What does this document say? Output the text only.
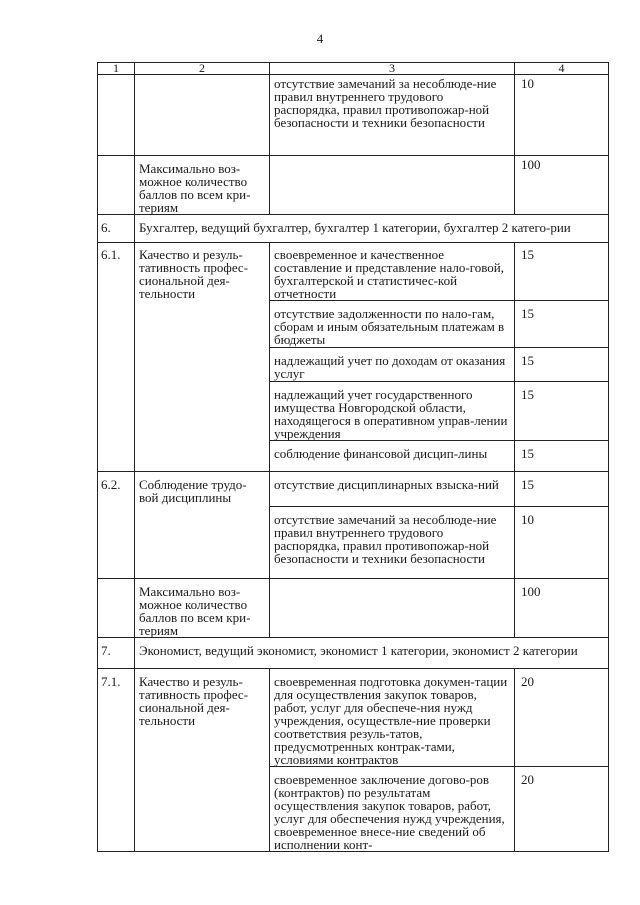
4
1	2	3	4
		отсутствие замечаний за несоблюде-ние правил внутреннего трудового распорядка, правил противопожар-ной безопасности и техники безопасности	10
	Максимально воз-можное количество баллов по всем кри-териям		100
6.	Бухгалтер, ведущий бухгалтер, бухгалтер 1 категории, бухгалтер 2 катего-рии		
6.1.	Качество и резуль-тативность профес-сиональной дея-тельности	своевременное и качественное составление и представление нало-говой, бухгалтерской и статистичес-кой отчетности	15
		отсутствие задолженности по нало-гам, сборам и иным обязательным платежам в бюджеты	15
		надлежащий учет по доходам от оказания услуг	15
		надлежащий учет государственного имущества Новгородской области, находящегося в оперативном управ-лении учреждения	15
		соблюдение финансовой дисцип-лины	15
6.2.	Соблюдение трудо-вой дисциплины	отсутствие дисциплинарных взыска-ний	15
		отсутствие замечаний за несоблюде-ние правил внутреннего трудового распорядка, правил противопожар-ной безопасности и техники безопасности	10
	Максимально воз-можное количество баллов по всем кри-териям		100
7.	Экономист, ведущий экономист, экономист 1 категории, экономист 2 категории		
7.1.	Качество и резуль-тативность профес-сиональной дея-тельности	своевременная подготовка докумен-тации для осуществления закупок товаров, работ, услуг для обеспече-ния нужд учреждения, осуществле-ние проверки соответствия резуль-татов, предусмотренных контрак-тами, условиями контрактов	20
		своевременное заключение догово-ров (контрактов) по результатам осуществления закупок товаров, работ, услуг для обеспечения нужд учреждения, своевременное внесе-ние сведений об исполнении конт-	20
